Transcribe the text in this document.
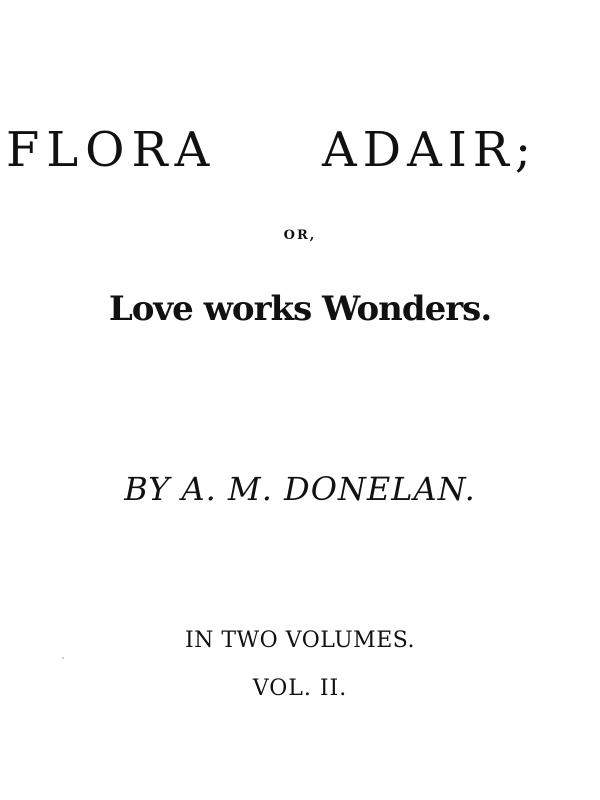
FLORA ADAIR;
OR,
Love works Wonders.
BY A. M. DONELAN.
IN TWO VOLUMES.
VOL. II.
